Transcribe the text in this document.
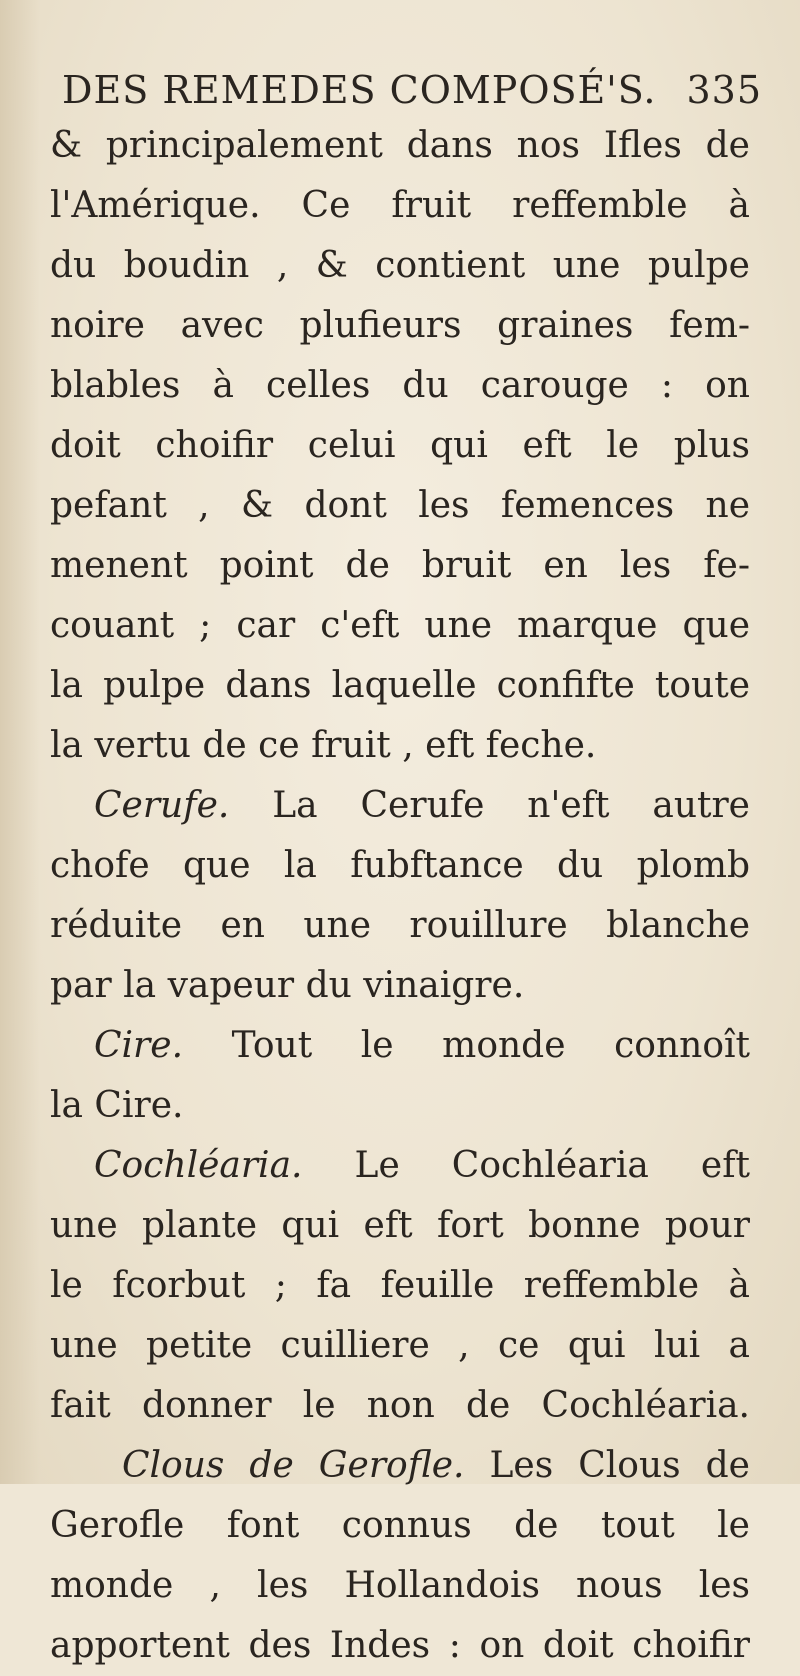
DES REMEDES COMPOSÉ'S. 335
& principalement dans nos Ifles de
l'Amérique. Ce fruit reffemble à
du boudin , & contient une pulpe
noire avec plufieurs graines fem-
blables à celles du carouge : on
doit choifir celui qui eft le plus
pefant , & dont les femences ne
menent point de bruit en les fe-
couant ; car c'eft une marque que
la pulpe dans laquelle confifte toute
la vertu de ce fruit , eft feche.
Cerufe. La Cerufe n'eft autre
chofe que la fubftance du plomb
réduite en une rouillure blanche
par la vapeur du vinaigre.
Cire. Tout le monde connoît
la Cire.
Cochléaria. Le Cochléaria eft
une plante qui eft fort bonne pour
le fcorbut ; fa feuille reffemble à
une petite cuilliere , ce qui lui a
fait donner le non de Cochléaria.
Clous de Gerofle. Les Clous de
Gerofle font connus de tout le
monde , les Hollandois nous les
apportent des Indes : on doit choifir
